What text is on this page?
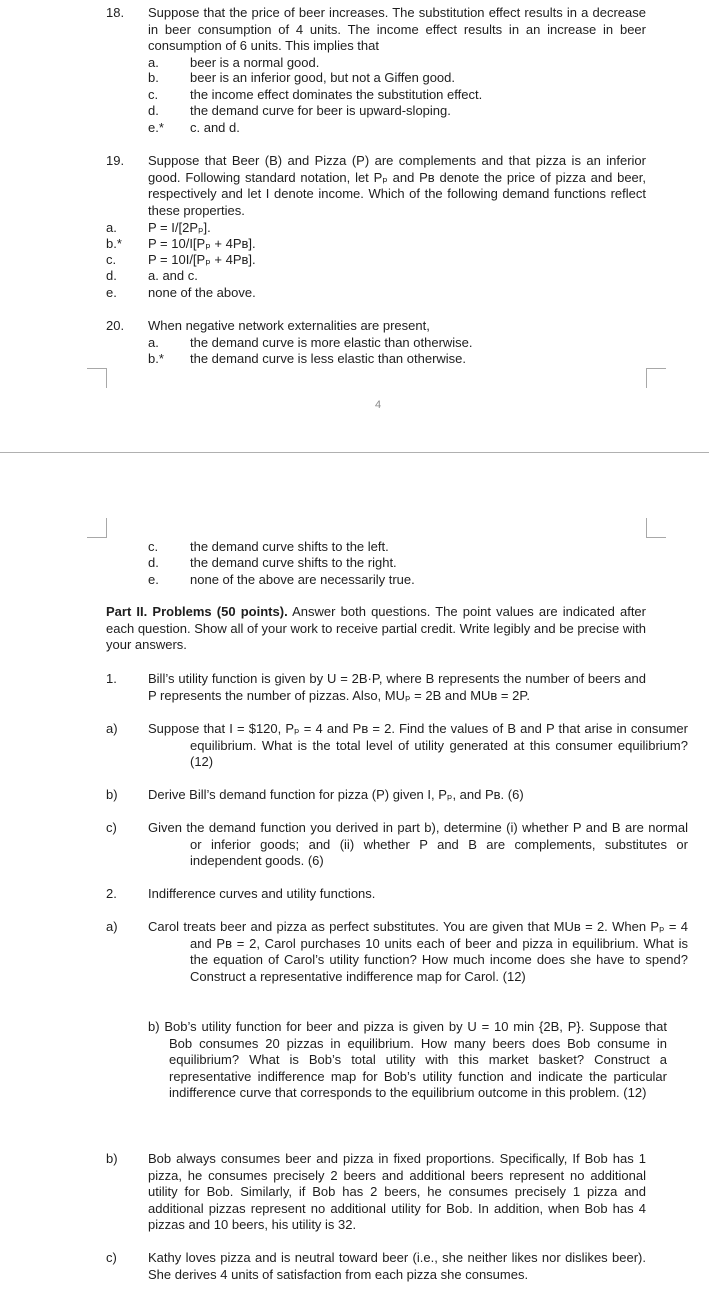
18. Suppose that the price of beer increases. The substitution effect results in a decrease in beer consumption of 4 units. The income effect results in an increase in beer consumption of 6 units. This implies that
a. beer is a normal good.
b. beer is an inferior good, but not a Giffen good.
c. the income effect dominates the substitution effect.
d. the demand curve for beer is upward-sloping.
e.* c. and d.
19. Suppose that Beer (B) and Pizza (P) are complements and that pizza is an inferior good. Following standard notation, let Pₚ and Pʙ denote the price of pizza and beer, respectively and let I denote income. Which of the following demand functions reflect these properties.
a. P = I/[2Pₚ].
b.* P = 10/I[Pₚ + 4Pʙ].
c. P = 10I/[Pₚ + 4Pʙ].
d. a. and c.
e. none of the above.
20. When negative network externalities are present,
a. the demand curve is more elastic than otherwise.
b.* the demand curve is less elastic than otherwise.
4
c. the demand curve shifts to the left.
d. the demand curve shifts to the right.
e. none of the above are necessarily true.
Part II. Problems (50 points). Answer both questions. The point values are indicated after each question. Show all of your work to receive partial credit. Write legibly and be precise with your answers.
1. Bill’s utility function is given by U = 2B·P, where B represents the number of beers and P represents the number of pizzas. Also, MUₚ = 2B and MUʙ = 2P.
a) Suppose that I = $120, Pₚ = 4 and Pʙ = 2. Find the values of B and P that arise in consumer equilibrium. What is the total level of utility generated at this consumer equilibrium? (12)
b) Derive Bill’s demand function for pizza (P) given I, Pₚ, and Pʙ. (6)
c) Given the demand function you derived in part b), determine (i) whether P and B are normal or inferior goods; and (ii) whether P and B are complements, substitutes or independent goods. (6)
2. Indifference curves and utility functions.
a) Carol treats beer and pizza as perfect substitutes. You are given that MUʙ = 2. When Pₚ = 4 and Pʙ = 2, Carol purchases 10 units each of beer and pizza in equilibrium. What is the equation of Carol’s utility function? How much income does she have to spend? Construct a representative indifference map for Carol. (12)
b) Bob’s utility function for beer and pizza is given by U = 10 min {2B, P}. Suppose that Bob consumes 20 pizzas in equilibrium. How many beers does Bob consume in equilibrium? What is Bob’s total utility with this market basket? Construct a representative indifference map for Bob’s utility function and indicate the particular indifference curve that corresponds to the equilibrium outcome in this problem. (12)
b) Bob always consumes beer and pizza in fixed proportions. Specifically, If Bob has 1 pizza, he consumes precisely 2 beers and additional beers represent no additional utility for Bob. Similarly, if Bob has 2 beers, he consumes precisely 1 pizza and additional pizzas represent no additional utility for Bob. In addition, when Bob has 4 pizzas and 10 beers, his utility is 32.
c) Kathy loves pizza and is neutral toward beer (i.e., she neither likes nor dislikes beer). She derives 4 units of satisfaction from each pizza she consumes.
